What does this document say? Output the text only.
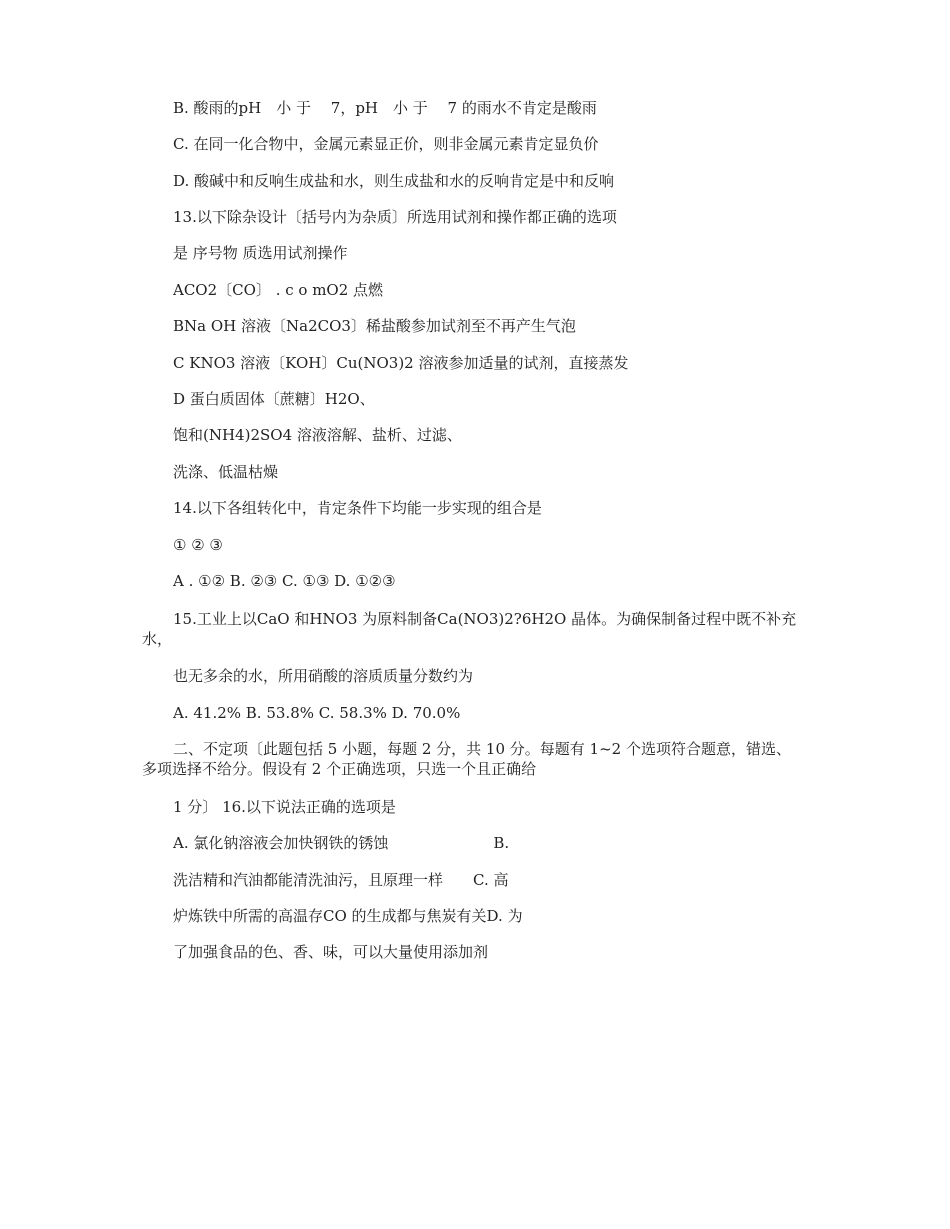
B. 酸雨的pH　小 于　 7，pH　小 于　 7 的雨水不肯定是酸雨
C. 在同一化合物中，金属元素显正价，则非金属元素肯定显负价
D. 酸碱中和反响生成盐和水，则生成盐和水的反响肯定是中和反响
13.以下除杂设计〔括号内为杂质〕所选用试剂和操作都正确的选项
是 序号物 质选用试剂操作
ACO2〔CO〕 . c o mO2 点燃
BNa OH 溶液〔Na2CO3〕稀盐酸参加试剂至不再产生气泡
C KNO3 溶液〔KOH〕Cu(NO3)2 溶液参加适量的试剂，直接蒸发
D 蛋白质固体〔蔗糖〕H2O、
饱和(NH4)2SO4 溶液溶解、盐析、过滤、
洗涤、低温枯燥
14.以下各组转化中，肯定条件下均能一步实现的组合是
① ② ③
A . ①② B. ②③ C. ①③ D. ①②③
15.工业上以CaO 和HNO3 为原料制备Ca(NO3)2?6H2O 晶体。为确保制备过程中既不补充水，
也无多余的水，所用硝酸的溶质质量分数约为
A. 41.2% B. 53.8% C. 58.3% D. 70.0%
二、不定项〔此题包括 5 小题，每题 2 分，共 10 分。每题有 1~2 个选项符合题意，错选、多项选择不给分。假设有 2 个正确选项，只选一个且正确给
1 分〕 16.以下说法正确的选项是
A. 氯化钠溶液会加快钢铁的锈蚀　　　　　　　B.
洗洁精和汽油都能清洗油污，且原理一样　　C. 高
炉炼铁中所需的高温存CO 的生成都与焦炭有关D. 为
了加强食品的色、香、味，可以大量使用添加剂
